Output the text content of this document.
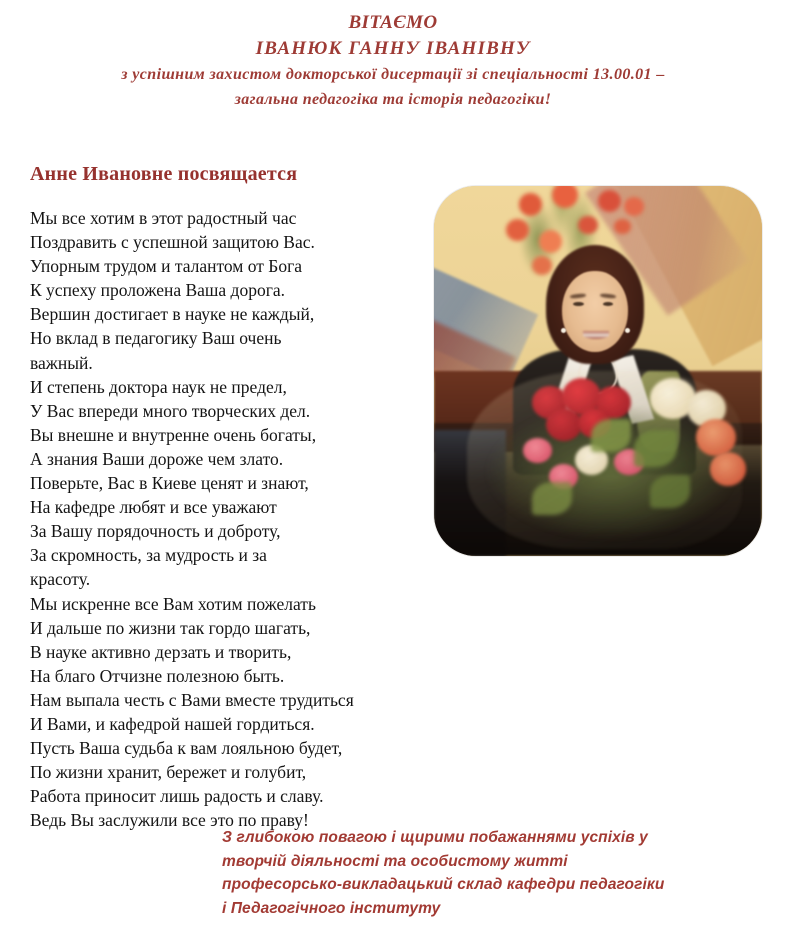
ВІТАЄМО
ІВАНЮК ГАННУ ІВАНІВНУ
з успішним захистом докторської дисертації зі спеціальності 13.00.01 –
загальна педагогіка та історія педагогіки!
Анне Ивановне посвящается
Мы все хотим в этот радостный час
Поздравить с успешной защитою Вас.
Упорным трудом и талантом от Бога
К успеху проложена Ваша дорога.
Вершин достигает в науке не каждый,
Но вклад в педагогику Ваш очень
важный.
И степень доктора наук не предел,
У Вас впереди много творческих дел.
Вы внешне и внутренне очень богаты,
А знания Ваши дороже чем злато.
Поверьте, Вас в Киеве ценят и знают,
На кафедре любят и все уважают
За Вашу порядочность и доброту,
За скромность, за мудрость и за
красоту.
Мы искренне все Вам хотим пожелать
И дальше по жизни так гордо шагать,
В науке активно дерзать и творить,
На благо Отчизне полезною быть.
Нам выпала честь с Вами вместе трудиться
И Вами, и кафедрой нашей гордиться.
Пусть Ваша судьба к вам лояльною будет,
По жизни хранит, бережет и голубит,
Работа приносит лишь радость и славу.
Ведь Вы заслужили все это по праву!
З глибокою повагою і щирими побажаннями успіхів у
творчій діяльності та особистому житті
професорсько-викладацький склад кафедри педагогіки
і Педагогічного інституту
